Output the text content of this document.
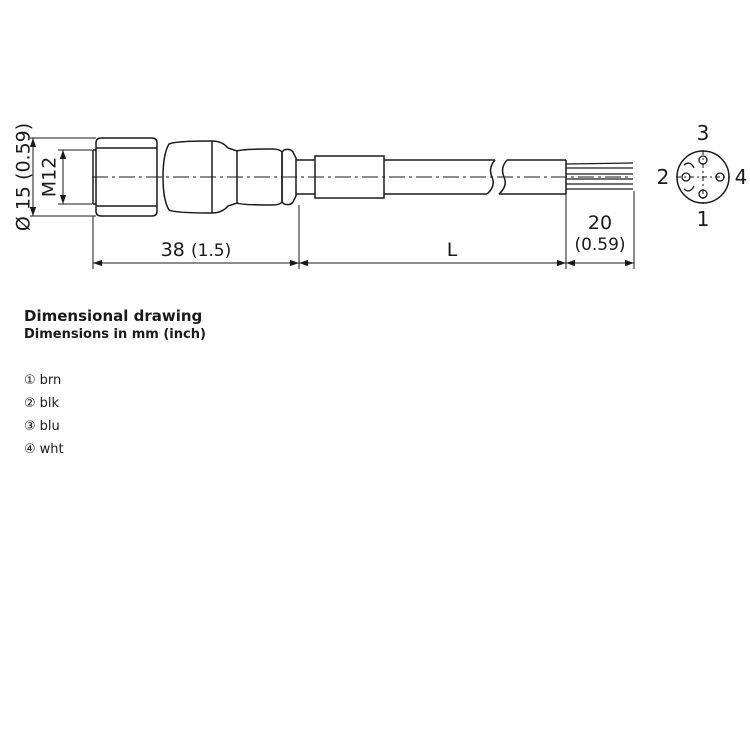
Ø 15 (0.59) M12
38 (1.5)	L
20
(0.59)
3
2	4
1
Dimensional drawing
Dimensions in mm (inch)
① brn
② blk
③ blu
④ wht
